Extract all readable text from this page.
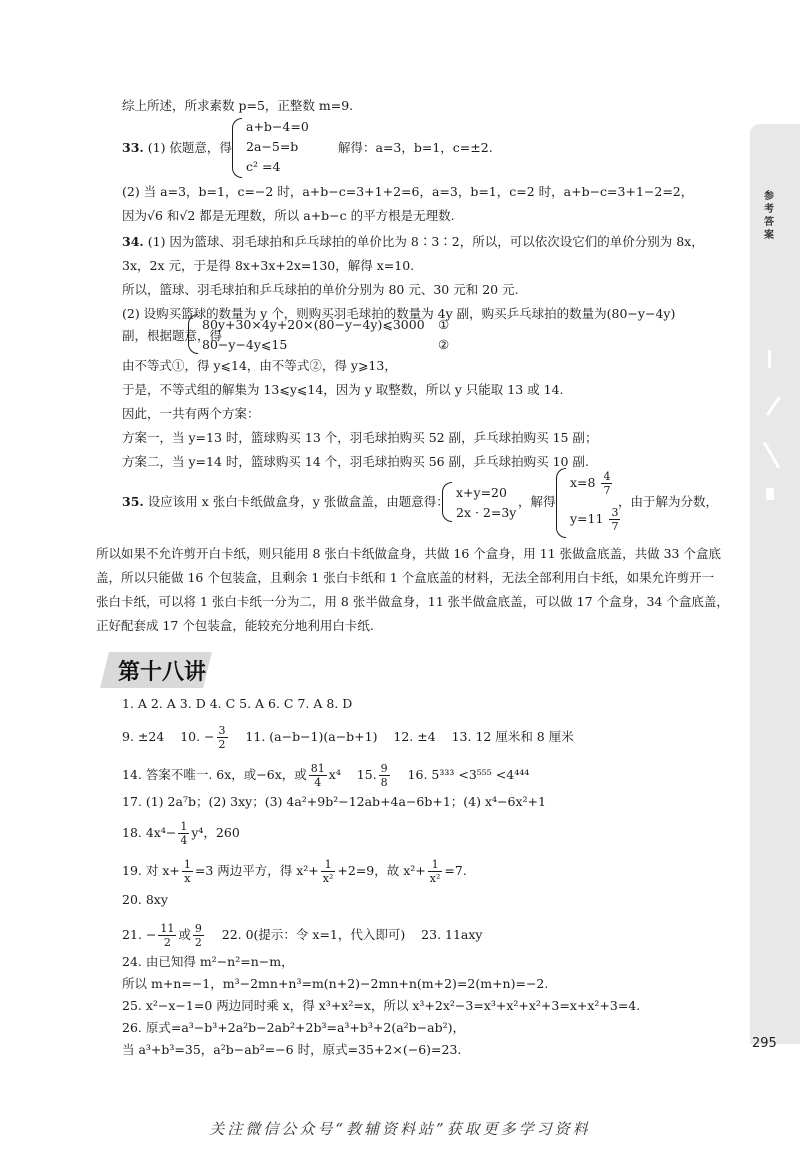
参考答案
295
综上所述，所求素数 p=5，正整数 m=9.
33. (1) 依题意，得
a+b−4=0
2a−5=b
c² =4
解得：a=3，b=1，c=±2.
(2) 当 a=3，b=1，c=−2 时，a+b−c=3+1+2=6，a=3，b=1，c=2 时，a+b−c=3+1−2=2，
因为√6 和√2 都是无理数，所以 a+b−c 的平方根是无理数.
34. (1) 因为篮球、羽毛球拍和乒乓球拍的单价比为 8∶3∶2，所以，可以依次设它们的单价分别为 8x，
3x，2x 元，于是得 8x+3x+2x=130，解得 x=10.
所以，篮球、羽毛球拍和乒乓球拍的单价分别为 80 元、30 元和 20 元.
(2) 设购买篮球的数量为 y 个，则购买羽毛球拍的数量为 4y 副，购买乒乓球拍的数量为(80−y−4y)
副，根据题意，得
80y+30×4y+20×(80−y−4y)⩽3000 ①
80−y−4y⩽15	②
由不等式①，得 y⩽14，由不等式②，得 y⩾13，
于是，不等式组的解集为 13⩽y⩽14，因为 y 取整数，所以 y 只能取 13 或 14.
因此，一共有两个方案：
方案一，当 y=13 时，篮球购买 13 个，羽毛球拍购买 52 副，乒乓球拍购买 15 副；
方案二，当 y=14 时，篮球购买 14 个，羽毛球拍购买 56 副，乒乓球拍购买 10 副.
35. 设应该用 x 张白卡纸做盒身，y 张做盒盖，由题意得：
x+y=20
2x · 2=3y
，解得
$x=8 \frac{4}{7}$
$y=11 \frac{3}{7}$
，由于解为分数，
所以如果不允许剪开白卡纸，则只能用 8 张白卡纸做盒身，共做 16 个盒身，用 11 张做盒底盖，共做 33 个盒底
盖，所以只能做 16 个包装盒，且剩余 1 张白卡纸和 1 个盒底盖的材料，无法全部利用白卡纸，如果允许剪开一
张白卡纸，可以将 1 张白卡纸一分为二，用 8 张半做盒身，11 张半做盒底盖，可以做 17 个盒身，34 个盒底盖，
正好配套成 17 个包装盒，能较充分地利用白卡纸.
第十八讲
1. A 2. A 3. D 4. C 5. A 6. C 7. A 8. D
9. ±24 10. − $\frac{3}{2} 11$. (a−b−1)(a−b+1) 12. ±4 13. 12 厘米和 8 厘米
14. 答案不唯一. 6x，或−6x，或 $\frac{81}{4} x^4$ 15. $\frac{9}{8} 16$. 5³³³ <3⁵⁵⁵ <4⁴⁴⁴
17. (1) 2a⁷b；(2) 3xy；(3) 4a²+9b²−12ab+4a−6b+1；(4) x⁴−6x²+1
18. $4x^4- \frac{1}{4} y^4$，260
19. 对 $x+ \frac{1}{x} =3$ 两边平方，得 $x^2+ \frac{1}{\text{x²}} +2=9$，故 $x^2+ \frac{1}{\text{x²}} =7$.
20. 8xy
21. − $\frac{11}{2}$ 或 $\frac{9}{2} 22$. 0(提示：令 x=1，代入即可) 23. 11axy
24. 由已知得 m²−n²=n−m，
所以 m+n=−1，m³−2mn+n³=m(n+2)−2mn+n(m+2)=2(m+n)=−2.
25. x²−x−1=0 两边同时乘 x，得 x³+x²=x，所以 x³+2x²−3=x³+x²+x²+3=x+x²+3=4.
26. 原式=a³−b³+2a²b−2ab²+2b³=a³+b³+2(a²b−ab²)，
当 a³+b³=35，a²b−ab²=−6 时，原式=35+2×(−6)=23.
关注微信公众号“教辅资料站”获取更多学习资料
